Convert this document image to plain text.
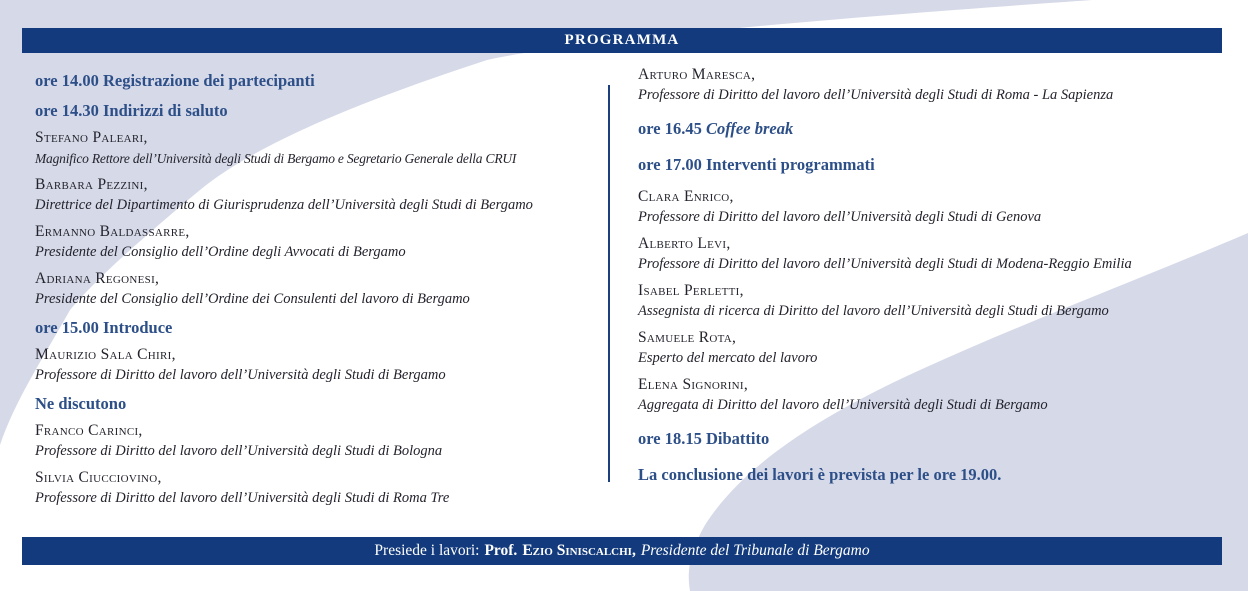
PROGRAMMA
ore 14.00 Registrazione dei partecipanti
ore 14.30 Indirizzi di saluto
Stefano Paleari,
Magnifico Rettore dell’Università degli Studi di Bergamo e Segretario Generale della CRUI
Barbara Pezzini,
Direttrice del Dipartimento di Giurisprudenza dell’Università degli Studi di Bergamo
Ermanno Baldassarre,
Presidente del Consiglio dell’Ordine degli Avvocati di Bergamo
Adriana Regonesi,
Presidente del Consiglio dell’Ordine dei Consulenti del lavoro di Bergamo
ore 15.00 Introduce
Maurizio Sala Chiri,
Professore di Diritto del lavoro dell’Università degli Studi di Bergamo
Ne discutono
Franco Carinci,
Professore di Diritto del lavoro dell’Università degli Studi di Bologna
Silvia Ciucciovino,
Professore di Diritto del lavoro dell’Università degli Studi di Roma Tre
Arturo Maresca,
Professore di Diritto del lavoro dell’Università degli Studi di Roma - La Sapienza
ore 16.45 Coffee break
ore 17.00 Interventi programmati
Clara Enrico,
Professore di Diritto del lavoro dell’Università degli Studi di Genova
Alberto Levi,
Professore di Diritto del lavoro dell’Università degli Studi di Modena-Reggio Emilia
Isabel Perletti,
Assegnista di ricerca di Diritto del lavoro dell’Università degli Studi di Bergamo
Samuele Rota,
Esperto del mercato del lavoro
Elena Signorini,
Aggregata di Diritto del lavoro dell’Università degli Studi di Bergamo
ore 18.15 Dibattito
La conclusione dei lavori è prevista per le ore 19.00.
Presiede i lavori: Prof. Ezio Siniscalchi, Presidente del Tribunale di Bergamo
